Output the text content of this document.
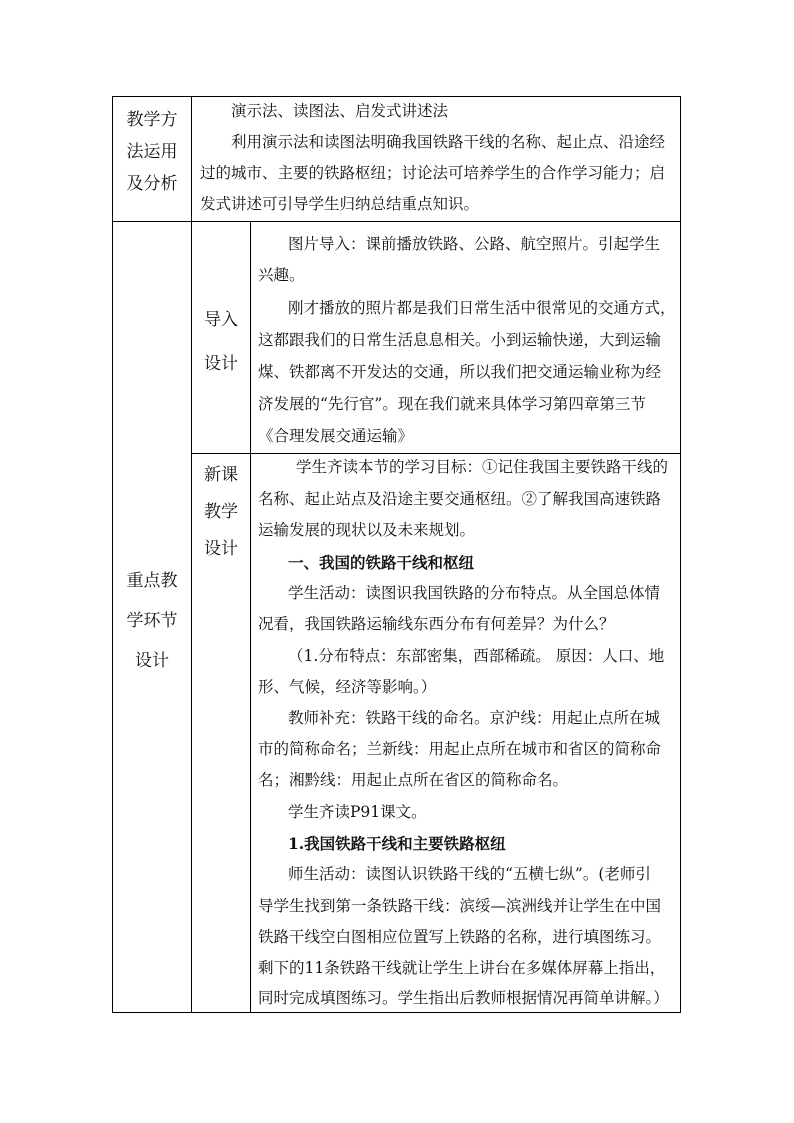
教学方
法运用
及分析
演示法、读图法、启发式讲述法
利用演示法和读图法明确我国铁路干线的名称、起止点、沿途经
过的城市、主要的铁路枢纽；讨论法可培养学生的合作学习能力；启
发式讲述可引导学生归纳总结重点知识。
重点教
学环节
设计
导入
设计
图片导入：课前播放铁路、公路、航空照片。引起学生
兴趣。
刚才播放的照片都是我们日常生活中很常见的交通方式，
这都跟我们的日常生活息息相关。小到运输快递，大到运输
煤、铁都离不开发达的交通，所以我们把交通运输业称为经
济发展的“先行官”。现在我们就来具体学习第四章第三节
《合理发展交通运输》
新课
教学
设计
学生齐读本节的学习目标：①记住我国主要铁路干线的
名称、起止站点及沿途主要交通枢纽。②了解我国高速铁路
运输发展的现状以及未来规划。
一、我国的铁路干线和枢纽
学生活动：读图识我国铁路的分布特点。从全国总体情
况看，我国铁路运输线东西分布有何差异？为什么？
（1.分布特点：东部密集，西部稀疏。 原因：人口、地
形、气候，经济等影响。）
教师补充：铁路干线的命名。京沪线：用起止点所在城
市的简称命名；兰新线：用起止点所在城市和省区的简称命
名；湘黔线：用起止点所在省区的简称命名。
学生齐读P91课文。
1.我国铁路干线和主要铁路枢纽
师生活动：读图认识铁路干线的“五横七纵”。(老师引
导学生找到第一条铁路干线：滨绥—滨洲线并让学生在中国
铁路干线空白图相应位置写上铁路的名称，进行填图练习。
剩下的11条铁路干线就让学生上讲台在多媒体屏幕上指出，
同时完成填图练习。学生指出后教师根据情况再简单讲解。）
